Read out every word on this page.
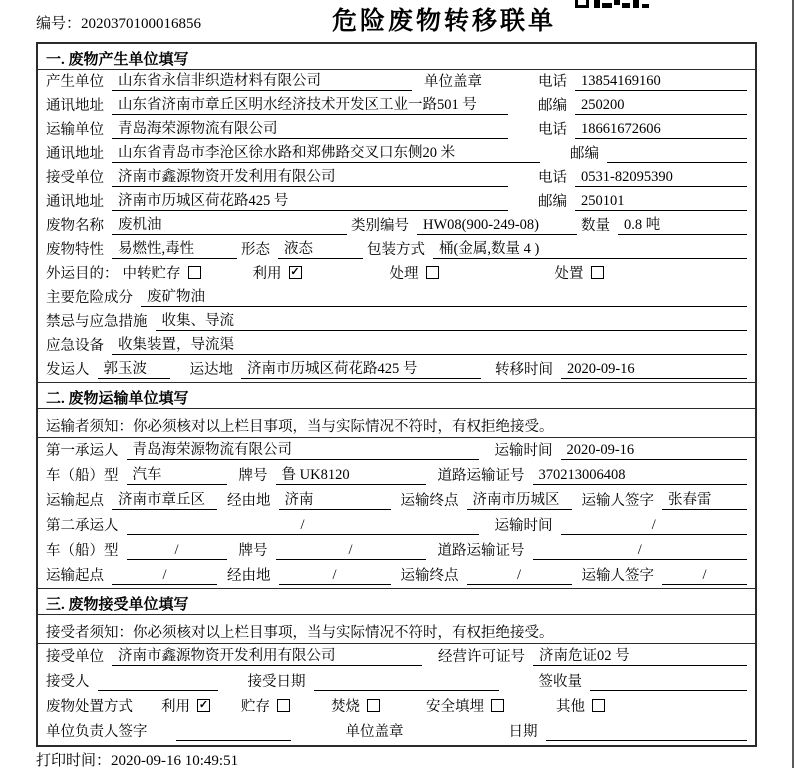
编号：2020370100016856	危险废物转移联单
一. 废物产生单位填写
产生单位 山东省永信非织造材料有限公司	单位盖章	电话 13854169160
通讯地址 山东省济南市章丘区明水经济技术开发区工业一路501 号	邮编 250200
运输单位 青岛海荣源物流有限公司	电话 18661672606
通讯地址 山东省青岛市李沧区徐水路和郑佛路交叉口东侧20 米	邮编
接受单位 济南市鑫源物资开发利用有限公司	电话 0531-82095390
通讯地址 济南市历城区荷花路425 号	邮编 250101
废物名称 废机油	类别编号 HW08(900-249-08)	数量 0.8 吨
废物特性 易燃性,毒性	形态 液态	包装方式 桶(金属,数量 4 )
外运目的： 中转贮存	利用 ✓	处理	处置
主要危险成分 废矿物油
禁忌与应急措施 收集、导流
应急设备 收集装置，导流渠
发运人 郭玉波	运达地 济南市历城区荷花路425 号	转移时间 2020-09-16
二. 废物运输单位填写
运输者须知：你必须核对以上栏目事项，当与实际情况不符时，有权拒绝接受。
第一承运人 青岛海荣源物流有限公司	运输时间 2020-09-16
车（船）型 汽车	牌号 鲁 UK8120	道路运输证号 370213006408
运输起点 济南市章丘区	经由地 济南	运输终点 济南市历城区	运输人签字 张春雷
第二承运人	/	运输时间	/
车（船）型	/	牌号	/	道路运输证号	/
运输起点	/	经由地	/	运输终点	/	运输人签字	/
三. 废物接受单位填写
接受者须知：你必须核对以上栏目事项，当与实际情况不符时，有权拒绝接受。
接受单位 济南市鑫源物资开发利用有限公司	经营许可证号 济南危证02 号
接受人	接受日期	签收量
废物处置方式 利用 ✓ 贮存	焚烧	安全填埋	其他
单位负责人签字	单位盖章	日期
打印时间：2020-09-16 10:49:51
